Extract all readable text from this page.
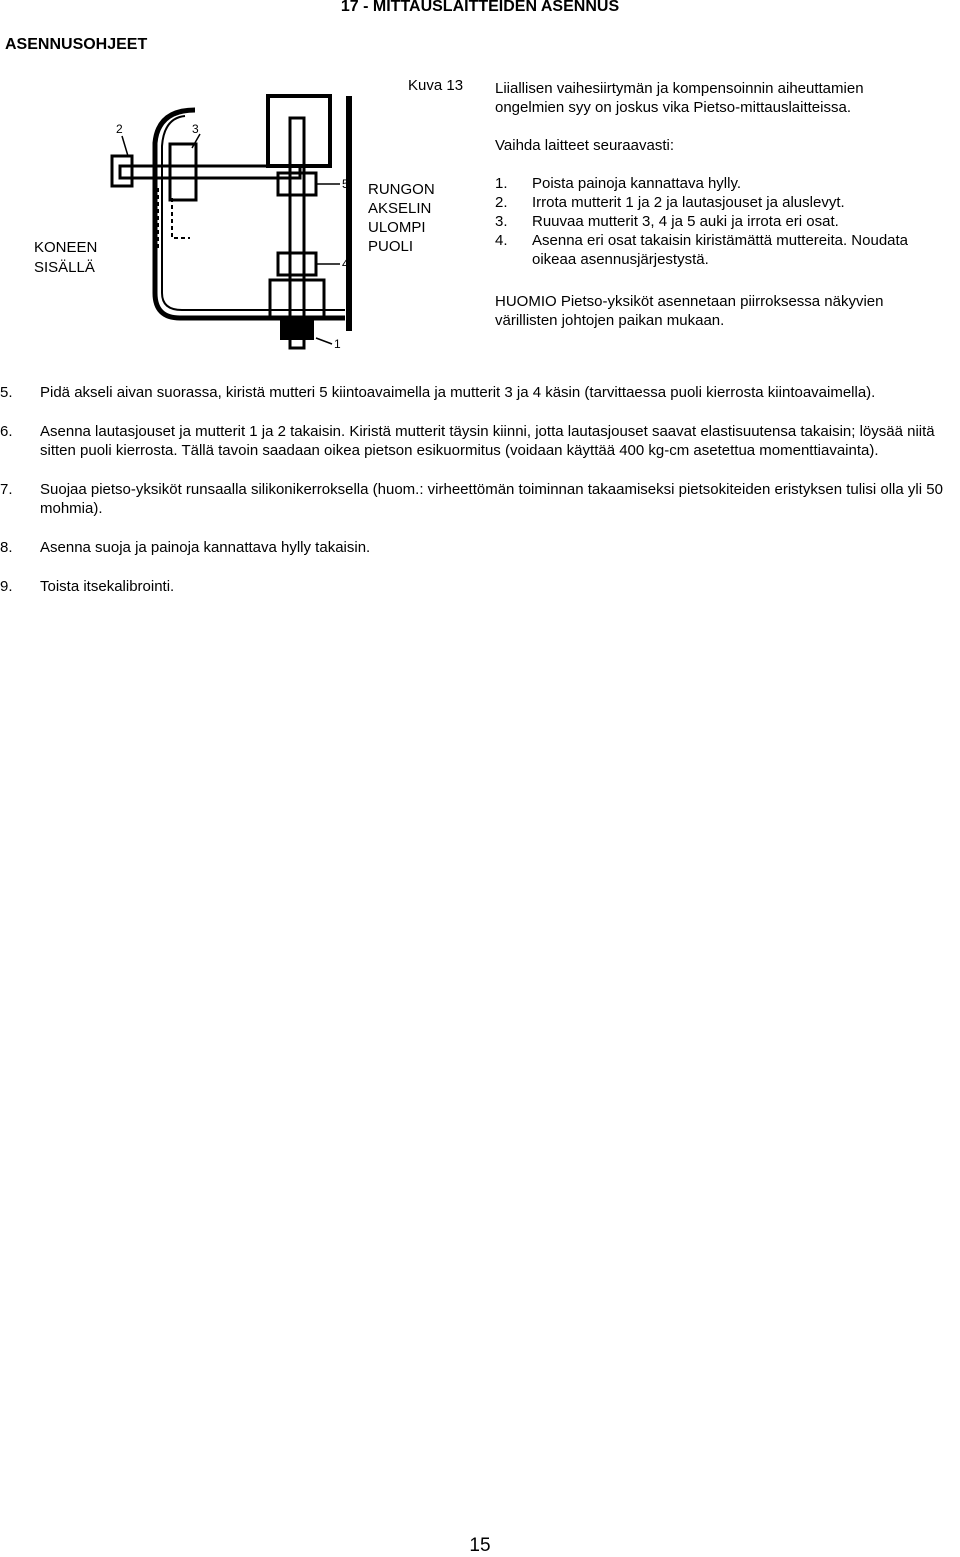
17 - MITTAUSLAITTEIDEN ASENNUS
ASENNUSOHJEET
Kuva 13
KONEEN
SISÄLLÄ
RUNGON
AKSELIN
ULOMPI
PUOLI
2	3
5
4
1
Liiallisen vaihesiirtymän ja kompensoinnin aiheuttamien ongelmien syy on joskus vika Pietso-mittauslaitteissa.
Vaihda laitteet seuraavasti:
1. Poista painoja kannattava hylly.
2. Irrota mutterit 1 ja 2 ja lautasjouset ja aluslevyt.
3. Ruuvaa mutterit 3, 4 ja 5 auki ja irrota eri osat.
4. Asenna eri osat takaisin kiristämättä muttereita. Noudata oikeaa asennusjärjestystä.
HUOMIO Pietso-yksiköt asennetaan piirroksessa näkyvien värillisten johtojen paikan mukaan.
5. Pidä akseli aivan suorassa, kiristä mutteri 5 kiintoavaimella ja mutterit 3 ja 4 käsin (tarvittaessa puoli kierrosta kiintoavaimella).
6. Asenna lautasjouset ja mutterit 1 ja 2 takaisin. Kiristä mutterit täysin kiinni, jotta lautasjouset saavat elastisuutensa takaisin; löysää niitä sitten puoli kierrosta. Tällä tavoin saadaan oikea pietson esikuormitus (voidaan käyttää 400 kg-cm asetettua momenttiavainta).
7. Suojaa pietso-yksiköt runsaalla silikonikerroksella (huom.: virheettömän toiminnan takaamiseksi pietsokiteiden eristyksen tulisi olla yli 50 mohmia).
8. Asenna suoja ja painoja kannattava hylly takaisin.
9. Toista itsekalibrointi.
15
